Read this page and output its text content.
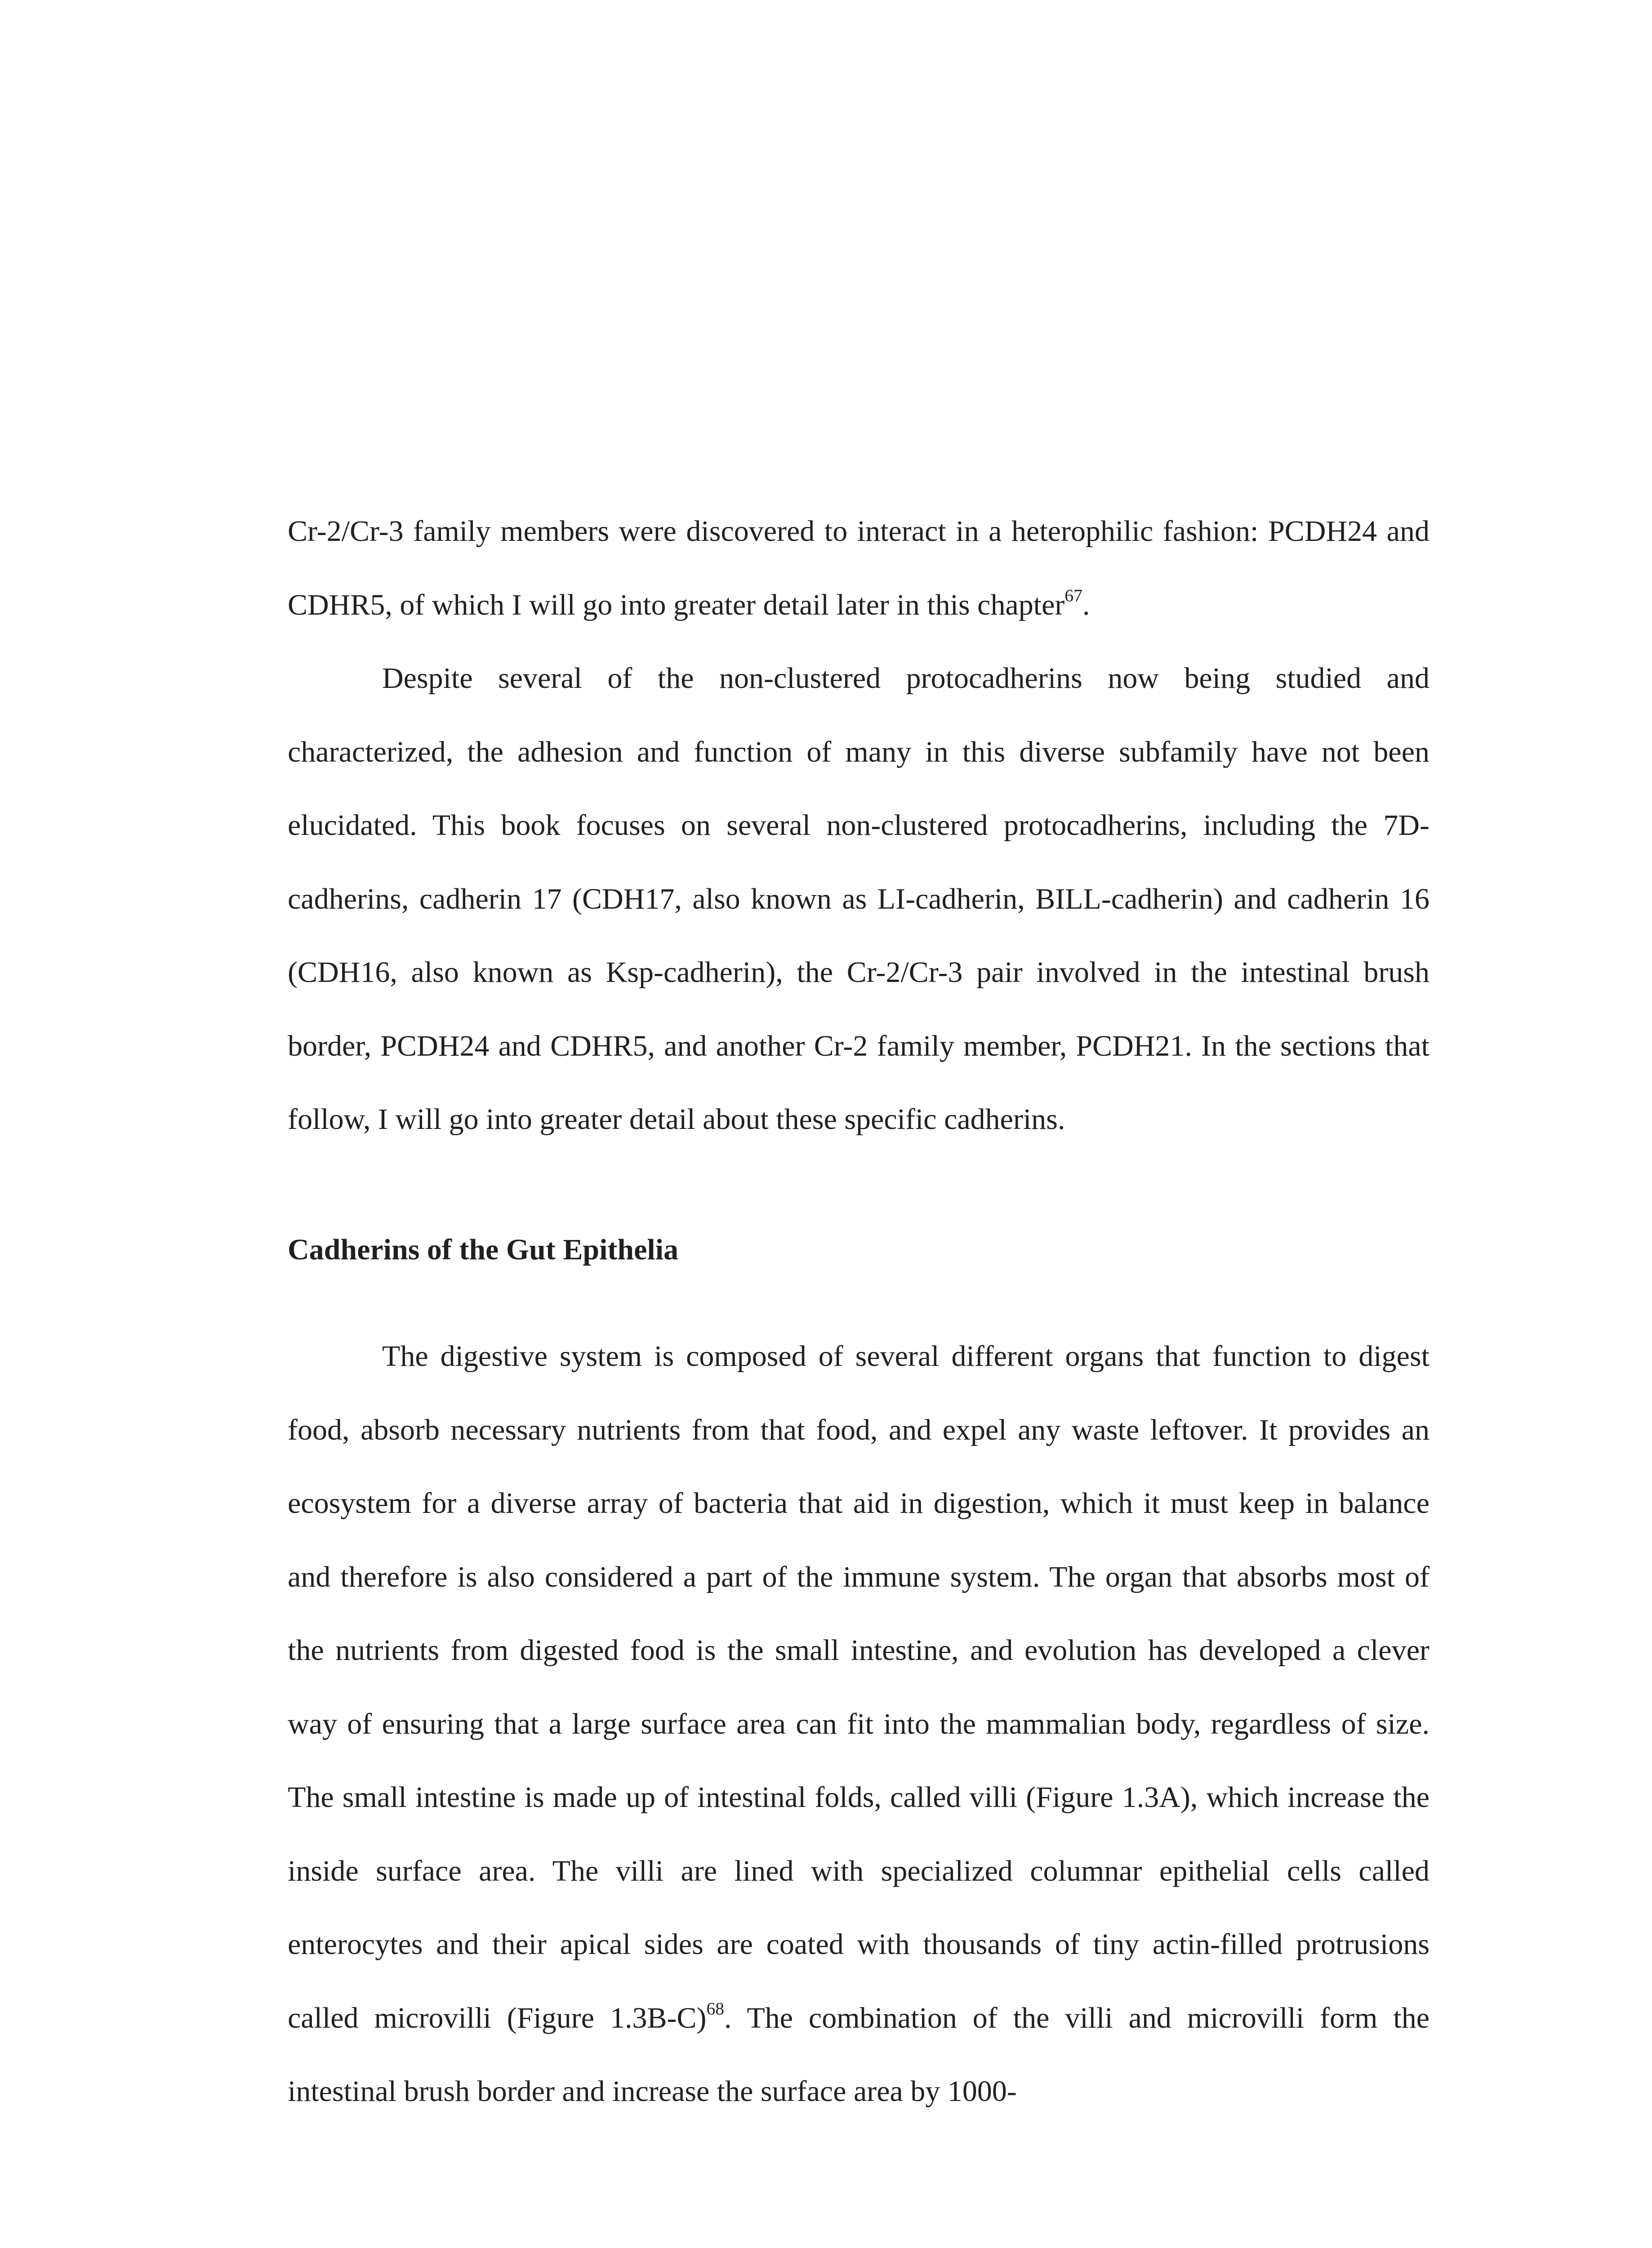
Cr-2/Cr-3 family members were discovered to interact in a heterophilic fashion: PCDH24 and CDHR5, of which I will go into greater detail later in this chapter$^{67}$.

Despite several of the non-clustered protocadherins now being studied and characterized, the adhesion and function of many in this diverse subfamily have not been elucidated. This book focuses on several non-clustered protocadherins, including the 7D-cadherins, cadherin 17 (CDH17, also known as LI-cadherin, BILL-cadherin) and cadherin 16 (CDH16, also known as Ksp-cadherin), the Cr-2/Cr-3 pair involved in the intestinal brush border, PCDH24 and CDHR5, and another Cr-2 family member, PCDH21. In the sections that follow, I will go into greater detail about these specific cadherins.

Cadherins of the Gut Epithelia

The digestive system is composed of several different organs that function to digest food, absorb necessary nutrients from that food, and expel any waste leftover. It provides an ecosystem for a diverse array of bacteria that aid in digestion, which it must keep in balance and therefore is also considered a part of the immune system. The organ that absorbs most of the nutrients from digested food is the small intestine, and evolution has developed a clever way of ensuring that a large surface area can fit into the mammalian body, regardless of size. The small intestine is made up of intestinal folds, called villi (Figure 1.3A), which increase the inside surface area. The villi are lined with specialized columnar epithelial cells called enterocytes and their apical sides are coated with thousands of tiny actin-filled protrusions called microvilli (Figure 1.3B-C)$^{68}$. The combination of the villi and microvilli form the intestinal brush border and increase the surface area by 1000-
